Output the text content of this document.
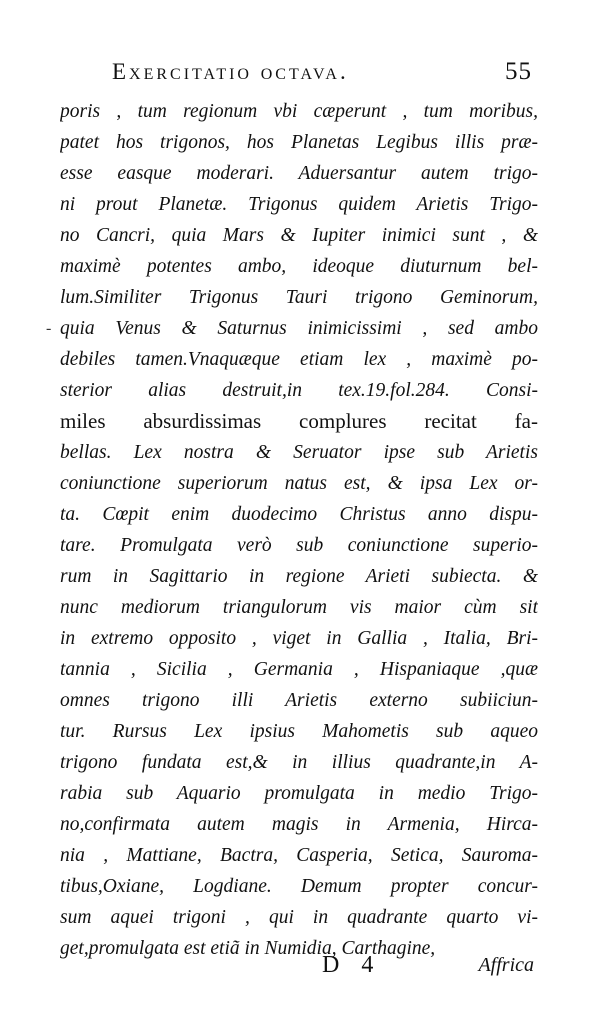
Exercitatio octava.	55
poris , tum regionum vbi cæperunt , tum moribus,
patet hos trigonos, hos Planetas Legibus illis præ-
esse easque moderari. Aduersantur autem trigo-
ni prout Planetæ. Trigonus quidem Arietis Trigo-
no Cancri, quia Mars & Iupiter inimici sunt , &
maximè potentes ambo, ideoque diuturnum bel-
lum.Similiter Trigonus Tauri trigono Geminorum,
quia Venus & Saturnus inimicissimi , sed ambo
debiles tamen.Vnaquæque etiam lex , maximè po-
sterior alias destruit,in tex.19.fol.284. Consi-
miles absurdissimas complures recitat fa-
bellas. Lex nostra & Seruator ipse sub Arietis
coniunctione superiorum natus est, & ipsa Lex or-
ta. Cœpit enim duodecimo Christus anno dispu-
tare. Promulgata verò sub coniunctione superio-
rum in Sagittario in regione Arieti subiecta. &
nunc mediorum triangulorum vis maior cùm sit
in extremo opposito , viget in Gallia , Italia, Bri-
tannia , Sicilia , Germania , Hispaniaque ,quæ
omnes trigono illi Arietis externo subiiciun-
tur. Rursus Lex ipsius Mahometis sub aqueo
trigono fundata est,& in illius quadrante,in A-
rabia sub Aquario promulgata in medio Trigo-
no,confirmata autem magis in Armenia, Hirca-
nia , Mattiane, Bactra, Casperia, Setica, Sauroma-
tibus,Oxiane, Logdiane. Demum propter concur-
sum aquei trigoni , qui in quadrante quarto vi-
get,promulgata est etiã in Numidia, Carthagine,
-
D 4	Affrica
